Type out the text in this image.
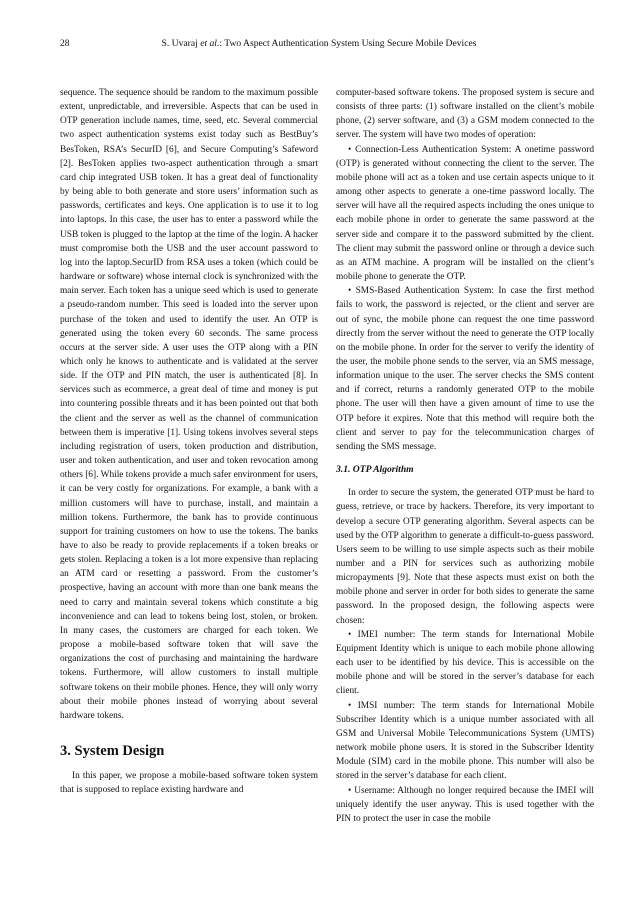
28	S. Uvaraj et al.: Two Aspect Authentication System Using Secure Mobile Devices

sequence. The sequence should be random to the maximum possible extent, unpredictable, and irreversible. Aspects that can be used in OTP generation include names, time, seed, etc. Several commercial two aspect authentication systems exist today such as BestBuy’s BesToken, RSA’s SecurID [6], and Secure Computing’s Safeword [2]. BesToken applies two-aspect authentication through a smart card chip integrated USB token. It has a great deal of functionality by being able to both generate and store users’ information such as passwords, certificates and keys. One application is to use it to log into laptops. In this case, the user has to enter a password while the USB token is plugged to the laptop at the time of the login. A hacker must compromise both the USB and the user account password to log into the laptop.SecurID from RSA uses a token (which could be hardware or software) whose internal clock is synchronized with the main server. Each token has a unique seed which is used to generate a pseudo-random number. This seed is loaded into the server upon purchase of the token and used to identify the user. An OTP is generated using the token every 60 seconds. The same process occurs at the server side. A user uses the OTP along with a PIN which only he knows to authenticate and is validated at the server side. If the OTP and PIN match, the user is authenticated [8]. In services such as ecommerce, a great deal of time and money is put into countering possible threats and it has been pointed out that both the client and the server as well as the channel of communication between them is imperative [1]. Using tokens involves several steps including registration of users, token production and distribution, user and token authentication, and user and token revocation among others [6]. While tokens provide a much safer environment for users, it can be very costly for organizations. For example, a bank with a million customers will have to purchase, install, and maintain a million tokens. Furthermore, the bank has to provide continuous support for training customers on how to use the tokens. The banks have to also be ready to provide replacements if a token breaks or gets stolen. Replacing a token is a lot more expensive than replacing an ATM card or resetting a password. From the customer’s prospective, having an account with more than one bank means the need to carry and maintain several tokens which constitute a big inconvenience and can lead to tokens being lost, stolen, or broken. In many cases, the customers are charged for each token. We propose a mobile-based software token that will save the organizations the cost of purchasing and maintaining the hardware tokens. Furthermore, will allow customers to install multiple software tokens on their mobile phones. Hence, they will only worry about their mobile phones instead of worrying about several hardware tokens.

3. System Design

In this paper, we propose a mobile-based software token system that is supposed to replace existing hardware and

computer-based software tokens. The proposed system is secure and consists of three parts: (1) software installed on the client’s mobile phone, (2) server software, and (3) a GSM modem connected to the server. The system will have two modes of operation:

• Connection-Less Authentication System: A onetime password (OTP) is generated without connecting the client to the server. The mobile phone will act as a token and use certain aspects unique to it among other aspects to generate a one-time password locally. The server will have all the required aspects including the ones unique to each mobile phone in order to generate the same password at the server side and compare it to the password submitted by the client. The client may submit the password online or through a device such as an ATM machine. A program will be installed on the client’s mobile phone to generate the OTP.

• SMS-Based Authentication System: In case the first method fails to work, the password is rejected, or the client and server are out of sync, the mobile phone can request the one time password directly from the server without the need to generate the OTP locally on the mobile phone. In order for the server to verify the identity of the user, the mobile phone sends to the server, via an SMS message, information unique to the user. The server checks the SMS content and if correct, returns a randomly generated OTP to the mobile phone. The user will then have a given amount of time to use the OTP before it expires. Note that this method will require both the client and server to pay for the telecommunication charges of sending the SMS message.

3.1. OTP Algorithm

In order to secure the system, the generated OTP must be hard to guess, retrieve, or trace by hackers. Therefore, its very important to develop a secure OTP generating algorithm. Several aspects can be used by the OTP algorithm to generate a difficult-to-guess password. Users seem to be willing to use simple aspects such as their mobile number and a PIN for services such as authorizing mobile micropayments [9]. Note that these aspects must exist on both the mobile phone and server in order for both sides to generate the same password. In the proposed design, the following aspects were chosen:

• IMEI number: The term stands for International Mobile Equipment Identity which is unique to each mobile phone allowing each user to be identified by his device. This is accessible on the mobile phone and will be stored in the server’s database for each client.

• IMSI number: The term stands for International Mobile Subscriber Identity which is a unique number associated with all GSM and Universal Mobile Telecommunications System (UMTS) network mobile phone users. It is stored in the Subscriber Identity Module (SIM) card in the mobile phone. This number will also be stored in the server’s database for each client.

• Username: Although no longer required because the IMEI will uniquely identify the user anyway. This is used together with the PIN to protect the user in case the mobile
